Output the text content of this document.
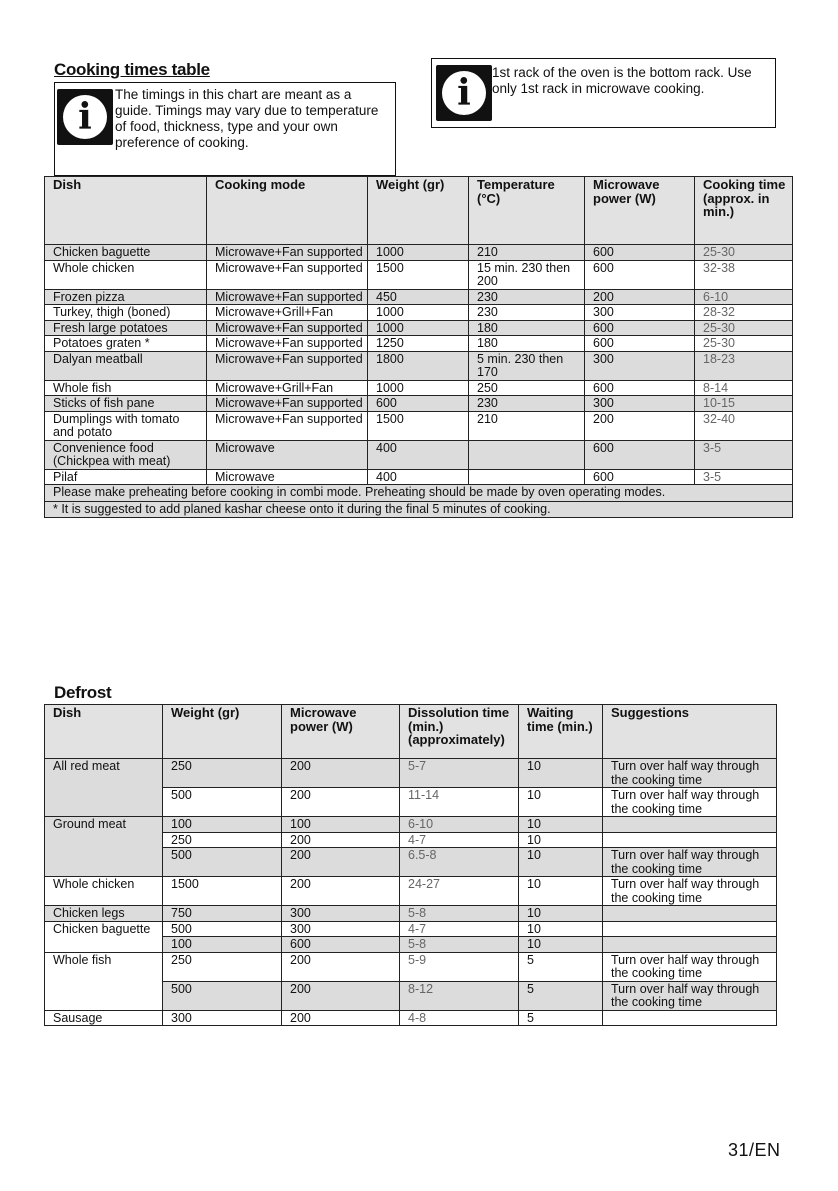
Cooking times table
i
The timings in this chart are meant as a
guide. Timings may vary due to temperature
of food, thickness, type and your own
preference of cooking.
i	1st rack of the oven is the bottom rack. Use
only 1st rack in microwave cooking.
Dish	Cooking mode	Weight (gr)	Temperature (°C)	Microwave power (W)	Cooking time (approx. in min.)
Chicken baguette	Microwave+Fan supported	1000	210	600	25-30
Whole chicken	Microwave+Fan supported	1500	15 min. 230 then 200	600	32-38
Frozen pizza	Microwave+Fan supported	450	230	200	6-10
Turkey, thigh (boned)	Microwave+Grill+Fan	1000	230	300	28-32
Fresh large potatoes	Microwave+Fan supported	1000	180	600	25-30
Potatoes graten *	Microwave+Fan supported	1250	180	600	25-30
Dalyan meatball	Microwave+Fan supported	1800	5 min. 230 then 170	300	18-23
Whole fish	Microwave+Grill+Fan	1000	250	600	8-14
Sticks of fish pane	Microwave+Fan supported	600	230	300	10-15
Dumplings with tomato and potato	Microwave+Fan supported	1500	210	200	32-40
Convenience food (Chickpea with meat)	Microwave	400		600	3-5
Pilaf	Microwave	400		600	3-5
Please make preheating before cooking in combi mode. Preheating should be made by oven operating modes.					
* It is suggested to add planed kashar cheese onto it during the final 5 minutes of cooking.					
Defrost
Dish	Weight (gr)	Microwave power (W)	Dissolution time (min.) (approximately)	Waiting time (min.)	Suggestions
All red meat	250	200	5-7	10	Turn over half way through the cooking time
	500	200	11-14	10	Turn over half way through the cooking time
Ground meat	100	100	6-10	10	
	250	200	4-7	10	
	500	200	6.5-8	10	Turn over half way through the cooking time
Whole chicken	1500	200	24-27	10	Turn over half way through the cooking time
Chicken legs	750	300	5-8	10	
Chicken baguette	500	300	4-7	10	
	100	600	5-8	10	
Whole fish	250	200	5-9	5	Turn over half way through the cooking time
	500	200	8-12	5	Turn over half way through the cooking time
Sausage	300	200	4-8	5	
31/EN
